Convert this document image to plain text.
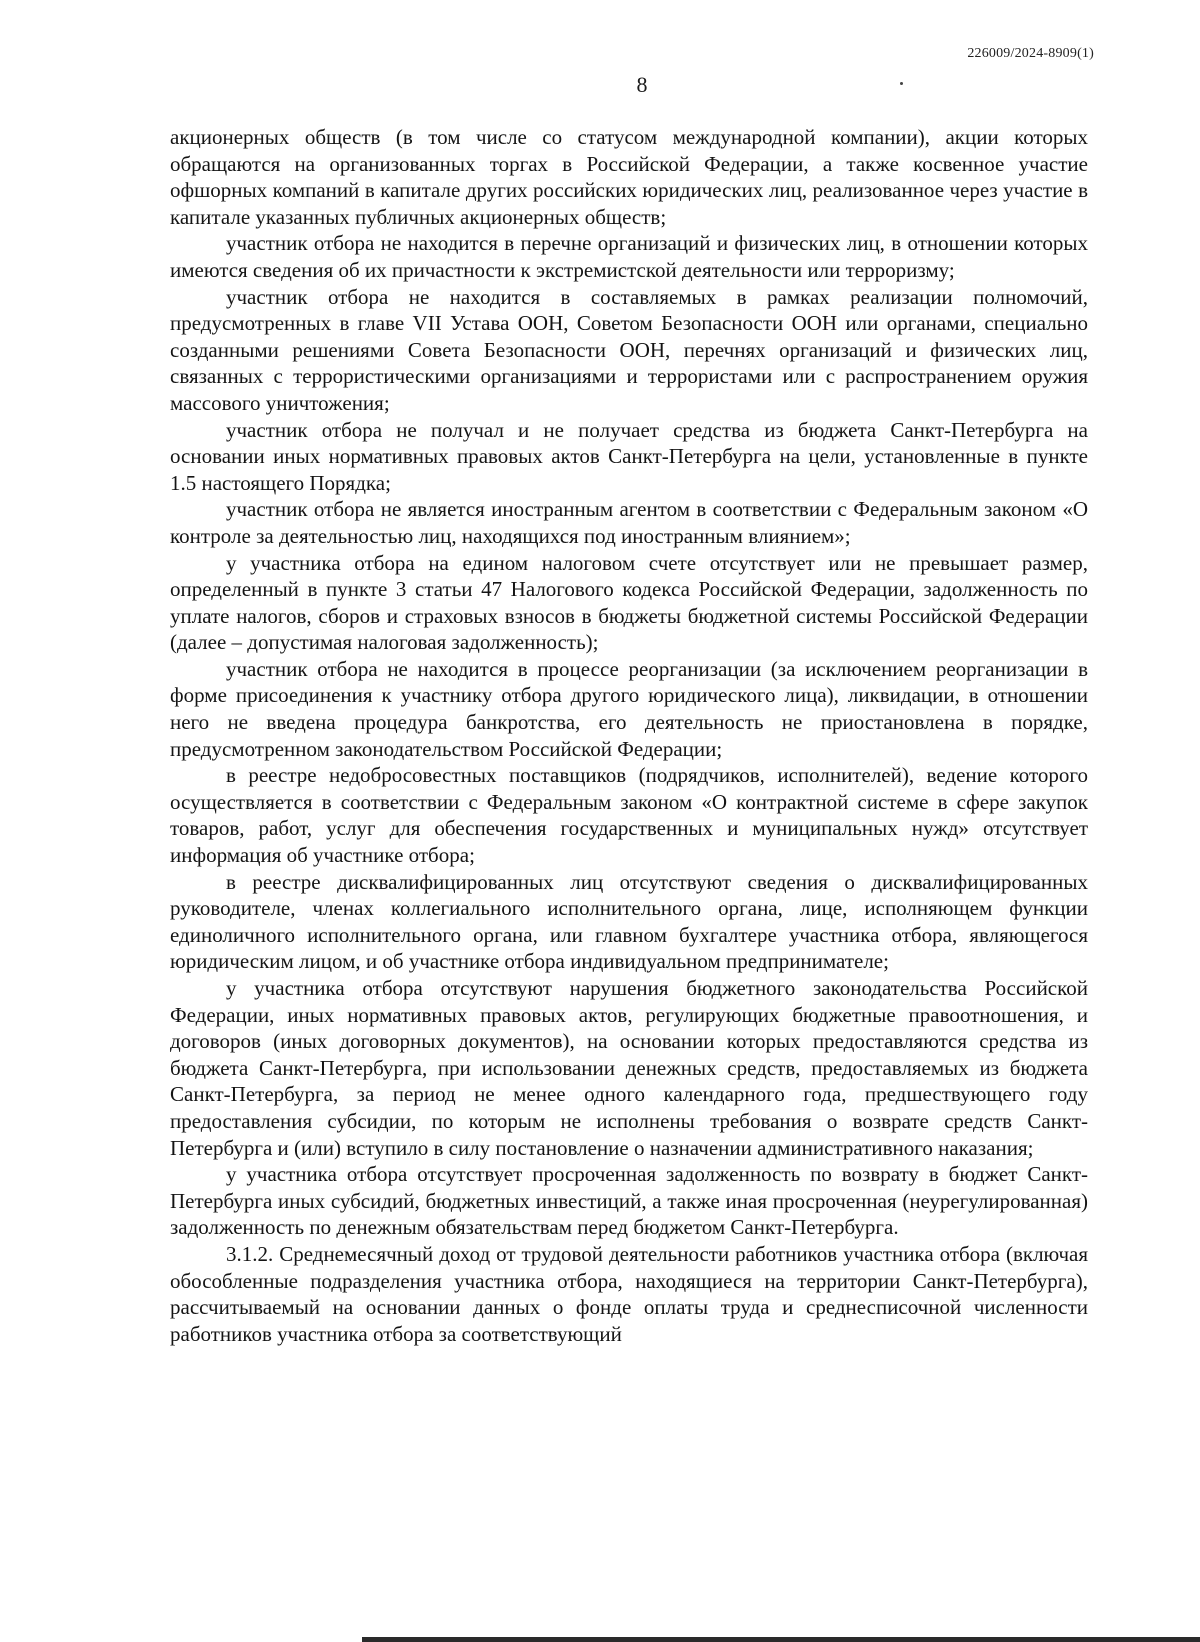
226009/2024-8909(1)
8

акционерных обществ (в том числе со статусом международной компании), акции которых обращаются на организованных торгах в Российской Федерации, а также косвенное участие офшорных компаний в капитале других российских юридических лиц, реализованное через участие в капитале указанных публичных акционерных обществ;

участник отбора не находится в перечне организаций и физических лиц, в отношении которых имеются сведения об их причастности к экстремистской деятельности или терроризму;

участник отбора не находится в составляемых в рамках реализации полномочий, предусмотренных в главе VII Устава ООН, Советом Безопасности ООН или органами, специально созданными решениями Совета Безопасности ООН, перечнях организаций и физических лиц, связанных с террористическими организациями и террористами или с распространением оружия массового уничтожения;

участник отбора не получал и не получает средства из бюджета Санкт-Петербурга на основании иных нормативных правовых актов Санкт-Петербурга на цели, установленные в пункте 1.5 настоящего Порядка;

участник отбора не является иностранным агентом в соответствии с Федеральным законом «О контроле за деятельностью лиц, находящихся под иностранным влиянием»;

у участника отбора на едином налоговом счете отсутствует или не превышает размер, определенный в пункте 3 статьи 47 Налогового кодекса Российской Федерации, задолженность по уплате налогов, сборов и страховых взносов в бюджеты бюджетной системы Российской Федерации (далее – допустимая налоговая задолженность);

участник отбора не находится в процессе реорганизации (за исключением реорганизации в форме присоединения к участнику отбора другого юридического лица), ликвидации, в отношении него не введена процедура банкротства, его деятельность не приостановлена в порядке, предусмотренном законодательством Российской Федерации;

в реестре недобросовестных поставщиков (подрядчиков, исполнителей), ведение которого осуществляется в соответствии с Федеральным законом «О контрактной системе в сфере закупок товаров, работ, услуг для обеспечения государственных и муниципальных нужд» отсутствует информация об участнике отбора;

в реестре дисквалифицированных лиц отсутствуют сведения о дисквалифицированных руководителе, членах коллегиального исполнительного органа, лице, исполняющем функции единоличного исполнительного органа, или главном бухгалтере участника отбора, являющегося юридическим лицом, и об участнике отбора индивидуальном предпринимателе;

у участника отбора отсутствуют нарушения бюджетного законодательства Российской Федерации, иных нормативных правовых актов, регулирующих бюджетные правоотношения, и договоров (иных договорных документов), на основании которых предоставляются средства из бюджета Санкт-Петербурга, при использовании денежных средств, предоставляемых из бюджета Санкт-Петербурга, за период не менее одного календарного года, предшествующего году предоставления субсидии, по которым не исполнены требования о возврате средств Санкт-Петербурга и (или) вступило в силу постановление о назначении административного наказания;

у участника отбора отсутствует просроченная задолженность по возврату в бюджет Санкт-Петербурга иных субсидий, бюджетных инвестиций, а также иная просроченная (неурегулированная) задолженность по денежным обязательствам перед бюджетом Санкт-Петербурга.

3.1.2. Среднемесячный доход от трудовой деятельности работников участника отбора (включая обособленные подразделения участника отбора, находящиеся на территории Санкт-Петербурга), рассчитываемый на основании данных о фонде оплаты труда и среднесписочной численности работников участника отбора за соответствующий
